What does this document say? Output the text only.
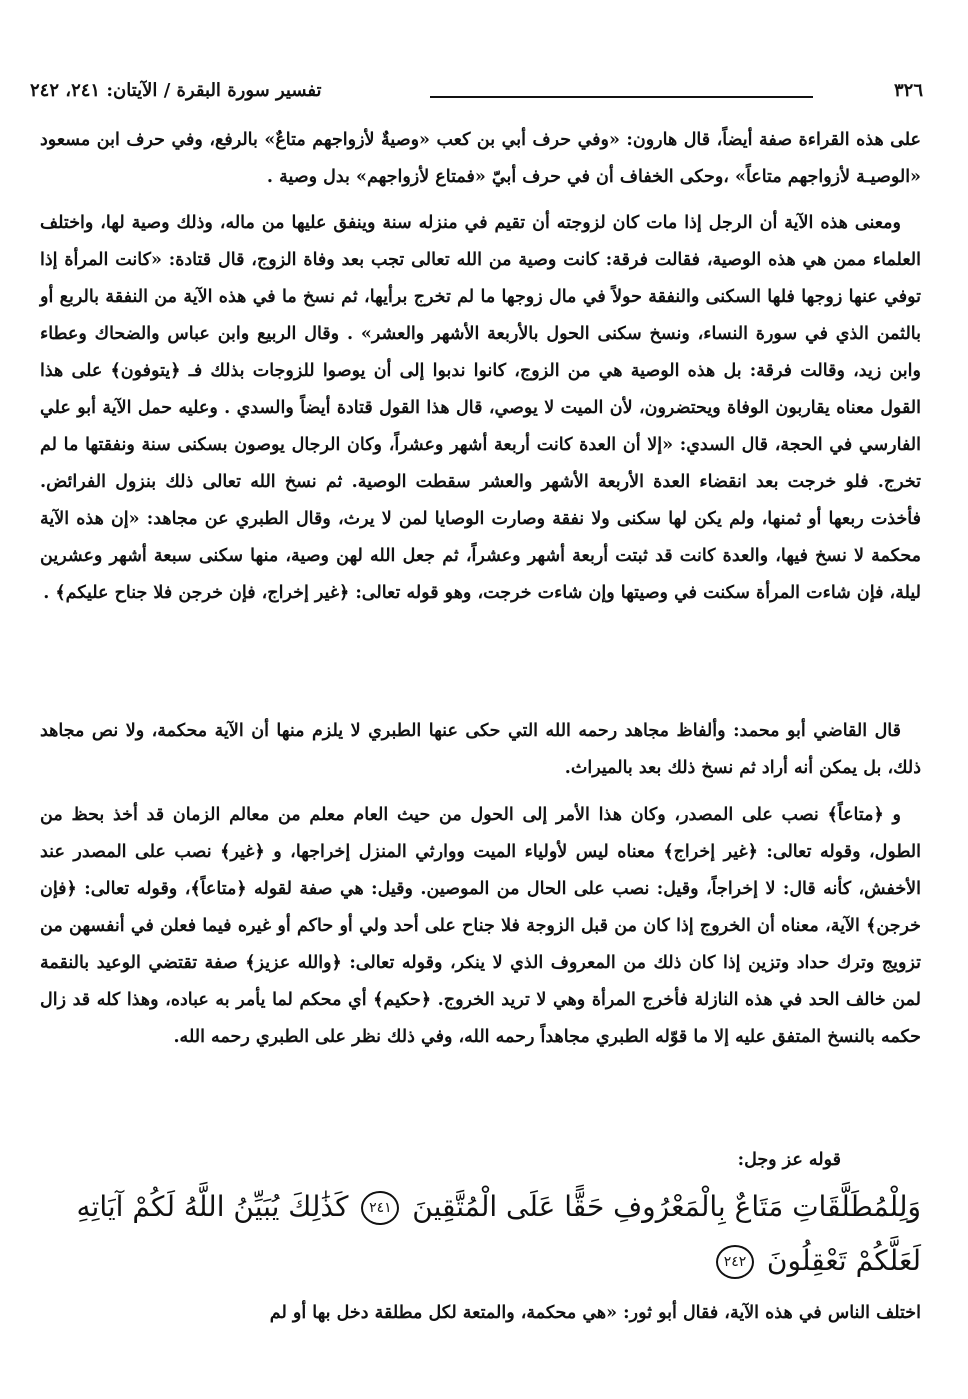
٣٢٦
تفسير سورة البقرة / الآيتان: ٢٤١، ٢٤٢
على هذه القراءة صفة أيضاً، قال هارون: «وفي حرف أبي بن كعب «وصيةٌ لأزواجهم متاعٌ» بالرفع، وفي حرف ابن مسعود «الوصيـة لأزواجهم متاعاً» ،وحكى الخفاف أن في حرف أبيّ «فمتاع لأزواجهم» بدل وصية .
ومعنى هذه الآية أن الرجل إذا مات كان لزوجته أن تقيم في منزله سنة وينفق عليها من ماله، وذلك وصية لها، واختلف العلماء ممن هي هذه الوصية، فقالت فرقة: كانت وصية من الله تعالى تجب بعد وفاة الزوج، قال قتادة: «كانت المرأة إذا توفي عنها زوجها فلها السكنى والنفقة حولاً في مال زوجها ما لم تخرج برأيها، ثم نسخ ما في هذه الآية من النفقة بالربع أو بالثمن الذي في سورة النساء، ونسخ سكنى الحول بالأربعة الأشهر والعشر» . وقال الربيع وابن عباس والضحاك وعطاء وابن زيد، وقالت فرقة: بل هذه الوصية هي من الزوج، كانوا ندبوا إلى أن يوصوا للزوجات بذلك فـ ﴿يتوفون﴾ على هذا القول معناه يقاربون الوفاة ويحتضرون، لأن الميت لا يوصي، قال هذا القول قتادة أيضاً والسدي . وعليه حمل الآية أبو علي الفارسي في الحجة، قال السدي: «إلا أن العدة كانت أربعة أشهر وعشراً، وكان الرجال يوصون بسكنى سنة ونفقتها ما لم تخرج. فلو خرجت بعد انقضاء العدة الأربعة الأشهر والعشر سقطت الوصية. ثم نسخ الله تعالى ذلك بنزول الفرائض. فأخذت ربعها أو ثمنها، ولم يكن لها سكنى ولا نفقة وصارت الوصايا لمن لا يرث، وقال الطبري عن مجاهد: «إن هذه الآية محكمة لا نسخ فيها، والعدة كانت قد ثبتت أربعة أشهر وعشراً، ثم جعل الله لهن وصية، منها سكنى سبعة أشهر وعشرين ليلة، فإن شاءت المرأة سكنت في وصيتها وإن شاءت خرجت، وهو قوله تعالى: ﴿غير إخراج، فإن خرجن فلا جناح عليكم﴾ .
قال القاضي أبو محمد: وألفاظ مجاهد رحمه الله التي حكى عنها الطبري لا يلزم منها أن الآية محكمة، ولا نص مجاهد ذلك، بل يمكن أنه أراد ثم نسخ ذلك بعد بالميراث.
و ﴿متاعاً﴾ نصب على المصدر، وكان هذا الأمر إلى الحول من حيث العام معلم من معالم الزمان قد أخذ بحظ من الطول، وقوله تعالى: ﴿غير إخراج﴾ معناه ليس لأولياء الميت ووارثي المنزل إخراجها، و ﴿غير﴾ نصب على المصدر عند الأخفش، كأنه قال: لا إخراجاً، وقيل: نصب على الحال من الموصين. وقيل: هي صفة لقوله ﴿متاعاً﴾، وقوله تعالى: ﴿فإن خرجن﴾ الآية، معناه أن الخروج إذا كان من قبل الزوجة فلا جناح على أحد ولي أو حاكم أو غيره فيما فعلن في أنفسهن من تزويج وترك حداد وتزين إذا كان ذلك من المعروف الذي لا ينكر، وقوله تعالى: ﴿والله عزيز﴾ صفة تقتضي الوعيد بالنقمة لمن خالف الحد في هذه النازلة فأخرج المرأة وهي لا تريد الخروج. ﴿حكيم﴾ أي محكم لما يأمر به عباده، وهذا كله قد زال حكمه بالنسخ المتفق عليه إلا ما قوّله الطبري مجاهداً رحمه الله، وفي ذلك نظر على الطبري رحمه الله.
قوله عز وجل:
وَلِلْمُطَلَّقَاتِ مَتَاعٌ بِالْمَعْرُوفِ حَقًّا عَلَى الْمُتَّقِينَ ٢٤١ كَذَٰلِكَ يُبَيِّنُ اللَّهُ لَكُمْ آيَاتِهِ
لَعَلَّكُمْ تَعْقِلُونَ ٢٤٢
اختلف الناس في هذه الآية، فقال أبو ثور: «هي محكمة، والمتعة لكل مطلقة دخل بها أو لم
